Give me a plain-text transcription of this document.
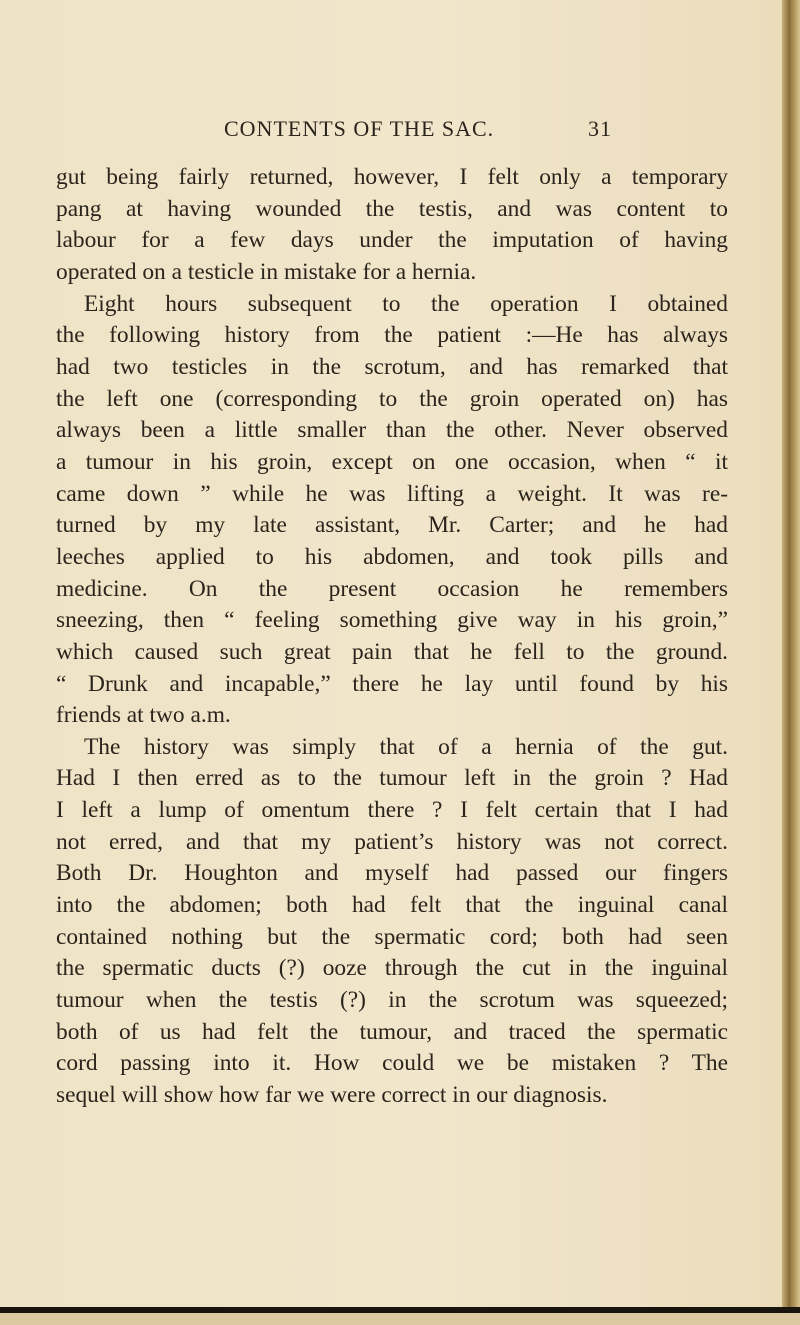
CONTENTS OF THE SAC.	31
gut being fairly returned, however, I felt only a temporary
pang at having wounded the testis, and was content to
labour for a few days under the imputation of having
operated on a testicle in mistake for a hernia.
Eight hours subsequent to the operation I obtained
the following history from the patient :—He has always
had two testicles in the scrotum, and has remarked that
the left one (corresponding to the groin operated on) has
always been a little smaller than the other. Never observed
a tumour in his groin, except on one occasion, when “ it
came down ” while he was lifting a weight. It was re-
turned by my late assistant, Mr. Carter; and he had
leeches applied to his abdomen, and took pills and
medicine. On the present occasion he remembers
sneezing, then “ feeling something give way in his groin,”
which caused such great pain that he fell to the ground.
“ Drunk and incapable,” there he lay until found by his
friends at two a.m.
The history was simply that of a hernia of the gut.
Had I then erred as to the tumour left in the groin ? Had
I left a lump of omentum there ? I felt certain that I had
not erred, and that my patient’s history was not correct.
Both Dr. Houghton and myself had passed our fingers
into the abdomen; both had felt that the inguinal canal
contained nothing but the spermatic cord; both had seen
the spermatic ducts (?) ooze through the cut in the inguinal
tumour when the testis (?) in the scrotum was squeezed;
both of us had felt the tumour, and traced the spermatic
cord passing into it. How could we be mistaken ? The
sequel will show how far we were correct in our diagnosis.
